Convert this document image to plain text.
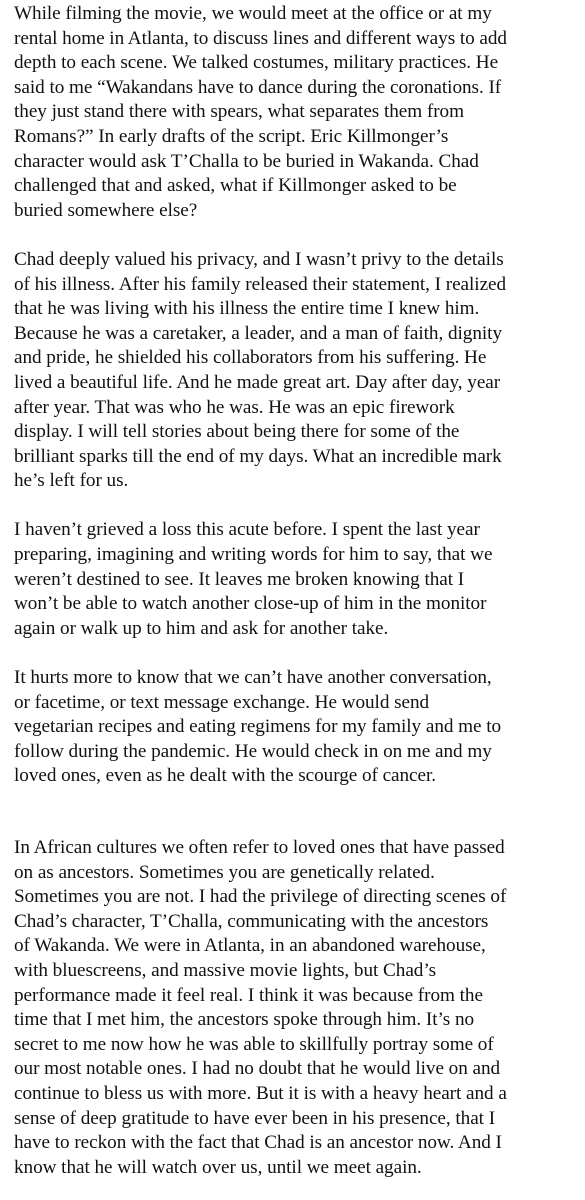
While filming the movie, we would meet at the office or at my
rental home in Atlanta, to discuss lines and different ways to add
depth to each scene. We talked costumes, military practices. He
said to me “Wakandans have to dance during the coronations. If
they just stand there with spears, what separates them from
Romans?” In early drafts of the script. Eric Killmonger’s
character would ask T’Challa to be buried in Wakanda. Chad
challenged that and asked, what if Killmonger asked to be
buried somewhere else?

Chad deeply valued his privacy, and I wasn’t privy to the details
of his illness. After his family released their statement, I realized
that he was living with his illness the entire time I knew him.
Because he was a caretaker, a leader, and a man of faith, dignity
and pride, he shielded his collaborators from his suffering. He
lived a beautiful life. And he made great art. Day after day, year
after year. That was who he was. He was an epic firework
display. I will tell stories about being there for some of the
brilliant sparks till the end of my days. What an incredible mark
he’s left for us.

I haven’t grieved a loss this acute before. I spent the last year
preparing, imagining and writing words for him to say, that we
weren’t destined to see. It leaves me broken knowing that I
won’t be able to watch another close-up of him in the monitor
again or walk up to him and ask for another take.

It hurts more to know that we can’t have another conversation,
or facetime, or text message exchange. He would send
vegetarian recipes and eating regimens for my family and me to
follow during the pandemic. He would check in on me and my
loved ones, even as he dealt with the scourge of cancer.

In African cultures we often refer to loved ones that have passed
on as ancestors. Sometimes you are genetically related.
Sometimes you are not. I had the privilege of directing scenes of
Chad’s character, T’Challa, communicating with the ancestors
of Wakanda. We were in Atlanta, in an abandoned warehouse,
with bluescreens, and massive movie lights, but Chad’s
performance made it feel real. I think it was because from the
time that I met him, the ancestors spoke through him. It’s no
secret to me now how he was able to skillfully portray some of
our most notable ones. I had no doubt that he would live on and
continue to bless us with more. But it is with a heavy heart and a
sense of deep gratitude to have ever been in his presence, that I
have to reckon with the fact that Chad is an ancestor now. And I
know that he will watch over us, until we meet again.
